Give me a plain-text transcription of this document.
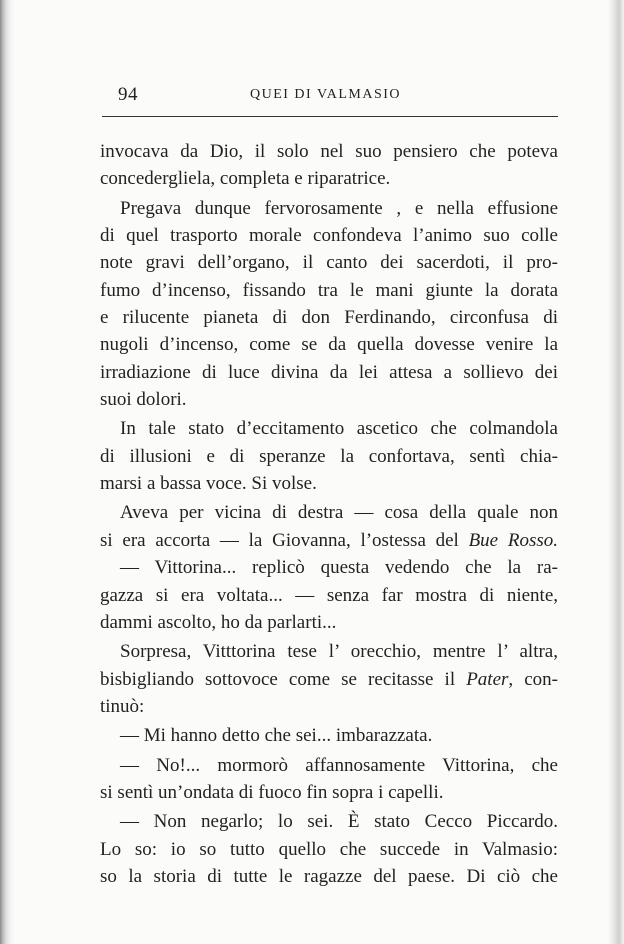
94	QUEI DI VALMASIO
invocava da Dio, il solo nel suo pensiero che poteva
concedergliela, completa e riparatrice.
Pregava dunque fervorosamente , e nella effusione
di quel trasporto morale confondeva l’animo suo colle
note gravi dell’organo, il canto dei sacerdoti, il pro-
fumo d’incenso, fissando tra le mani giunte la dorata
e rilucente pianeta di don Ferdinando, circonfusa di
nugoli d’incenso, come se da quella dovesse venire la
irradiazione di luce divina da lei attesa a sollievo dei
suoi dolori.
In tale stato d’eccitamento ascetico che colmandola
di illusioni e di speranze la confortava, sentì chia-
marsi a bassa voce. Si volse.
Aveva per vicina di destra — cosa della quale non
si era accorta — la Giovanna, l’ostessa del Bue Rosso.
— Vittorina... replicò questa vedendo che la ra-
gazza si era voltata... — senza far mostra di niente,
dammi ascolto, ho da parlarti...
Sorpresa, Vitttorina tese l’ orecchio, mentre l’ altra,
bisbigliando sottovoce come se recitasse il Pater, con-
tinuò:
— Mi hanno detto che sei... imbarazzata.
— No!... mormorò affannosamente Vittorina, che
si sentì un’ondata di fuoco fin sopra i capelli.
— Non negarlo; lo sei. È stato Cecco Piccardo.
Lo so: io so tutto quello che succede in Valmasio:
so la storia di tutte le ragazze del paese. Di ciò che
